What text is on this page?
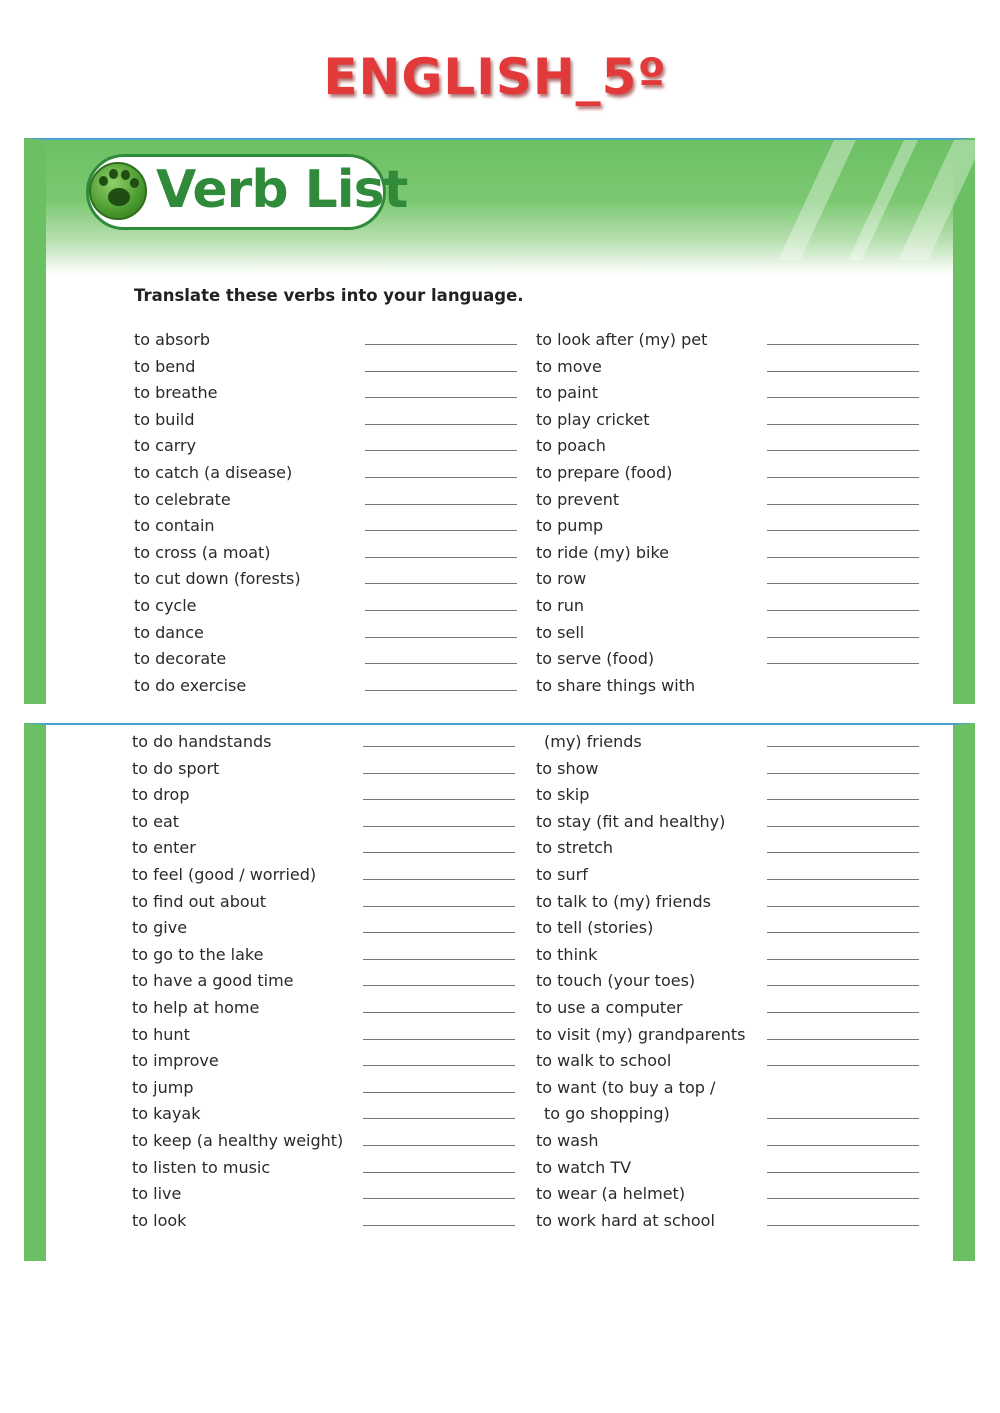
ENGLISH_5º
Verb List
Translate these verbs into your language.
to absorb
to bend
to breathe
to build
to carry
to catch (a disease)
to celebrate
to contain
to cross (a moat)
to cut down (forests)
to cycle
to dance
to decorate
to do exercise
to look after (my) pet
to move
to paint
to play cricket
to poach
to prepare (food)
to prevent
to pump
to ride (my) bike
to row
to run
to sell
to serve (food)
to share things with
to do handstands
to do sport
to drop
to eat
to enter
to feel (good / worried)
to find out about
to give
to go to the lake
to have a good time
to help at home
to hunt
to improve
to jump
to kayak
to keep (a healthy weight)
to listen to music
to live
to look
(my) friends
to show
to skip
to stay (fit and healthy)
to stretch
to surf
to talk to (my) friends
to tell (stories)
to think
to touch (your toes)
to use a computer
to visit (my) grandparents
to walk to school
to want (to buy a top /
to go shopping)
to wash
to watch TV
to wear (a helmet)
to work hard at school
